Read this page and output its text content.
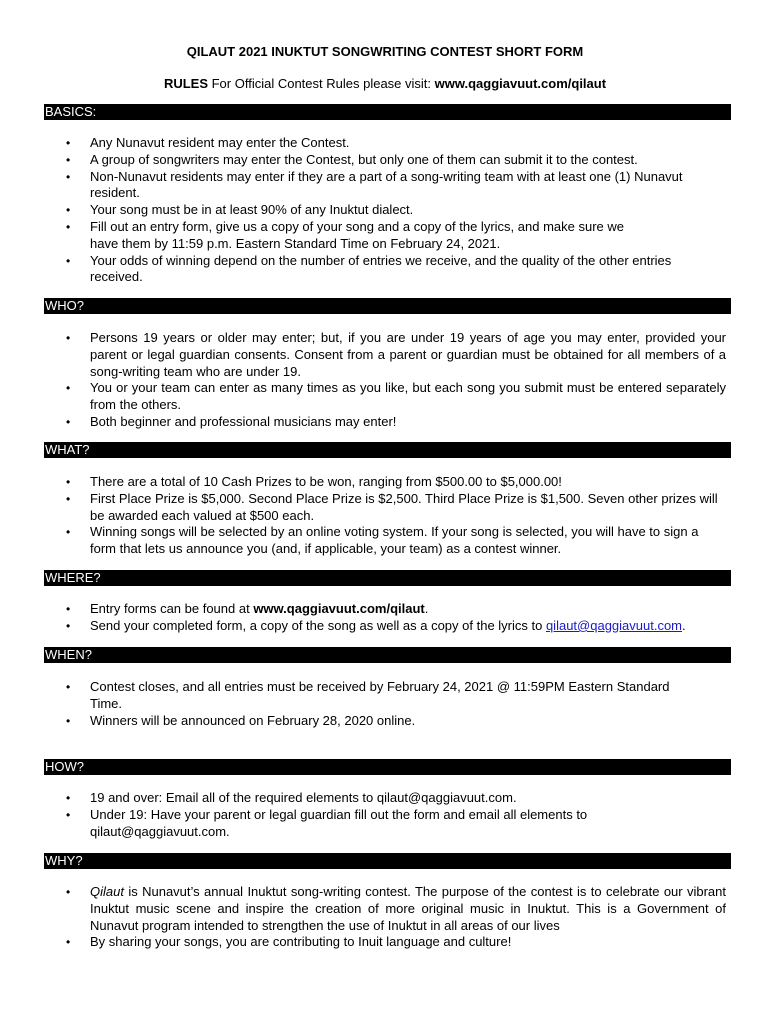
QILAUT 2021 INUKTUT SONGWRITING CONTEST SHORT FORM
RULES For Official Contest Rules please visit: www.qaggiavuut.com/qilaut
BASICS:
• Any Nunavut resident may enter the Contest.
• A group of songwriters may enter the Contest, but only one of them can submit it to the contest.
• Non-Nunavut residents may enter if they are a part of a song-writing team with at least one (1) Nunavut resident.
• Your song must be in at least 90% of any Inuktut dialect.
• Fill out an entry form, give us a copy of your song and a copy of the lyrics, and make sure we have them by 11:59 p.m. Eastern Standard Time on February 24, 2021.
• Your odds of winning depend on the number of entries we receive, and the quality of the other entries received.
WHO?
• Persons 19 years or older may enter; but, if you are under 19 years of age you may enter, provided your parent or legal guardian consents. Consent from a parent or guardian must be obtained for all members of a song-writing team who are under 19.
• You or your team can enter as many times as you like, but each song you submit must be entered separately from the others.
• Both beginner and professional musicians may enter!
WHAT?
• There are a total of 10 Cash Prizes to be won, ranging from $500.00 to $5,000.00!
• First Place Prize is $5,000. Second Place Prize is $2,500. Third Place Prize is $1,500. Seven other prizes will be awarded each valued at $500 each.
• Winning songs will be selected by an online voting system. If your song is selected, you will have to sign a form that lets us announce you (and, if applicable, your team) as a contest winner.
WHERE?
• Entry forms can be found at www.qaggiavuut.com/qilaut.
• Send your completed form, a copy of the song as well as a copy of the lyrics to qilaut@qaggiavuut.com.
WHEN?
• Contest closes, and all entries must be received by February 24, 2021 @ 11:59PM Eastern Standard Time.
• Winners will be announced on February 28, 2020 online.
HOW?
• 19 and over: Email all of the required elements to qilaut@qaggiavuut.com.
• Under 19: Have your parent or legal guardian fill out the form and email all elements to qilaut@qaggiavuut.com.
WHY?
• Qilaut is Nunavut’s annual Inuktut song-writing contest. The purpose of the contest is to celebrate our vibrant Inuktut music scene and inspire the creation of more original music in Inuktut. This is a Government of Nunavut program intended to strengthen the use of Inuktut in all areas of our lives
• By sharing your songs, you are contributing to Inuit language and culture!
